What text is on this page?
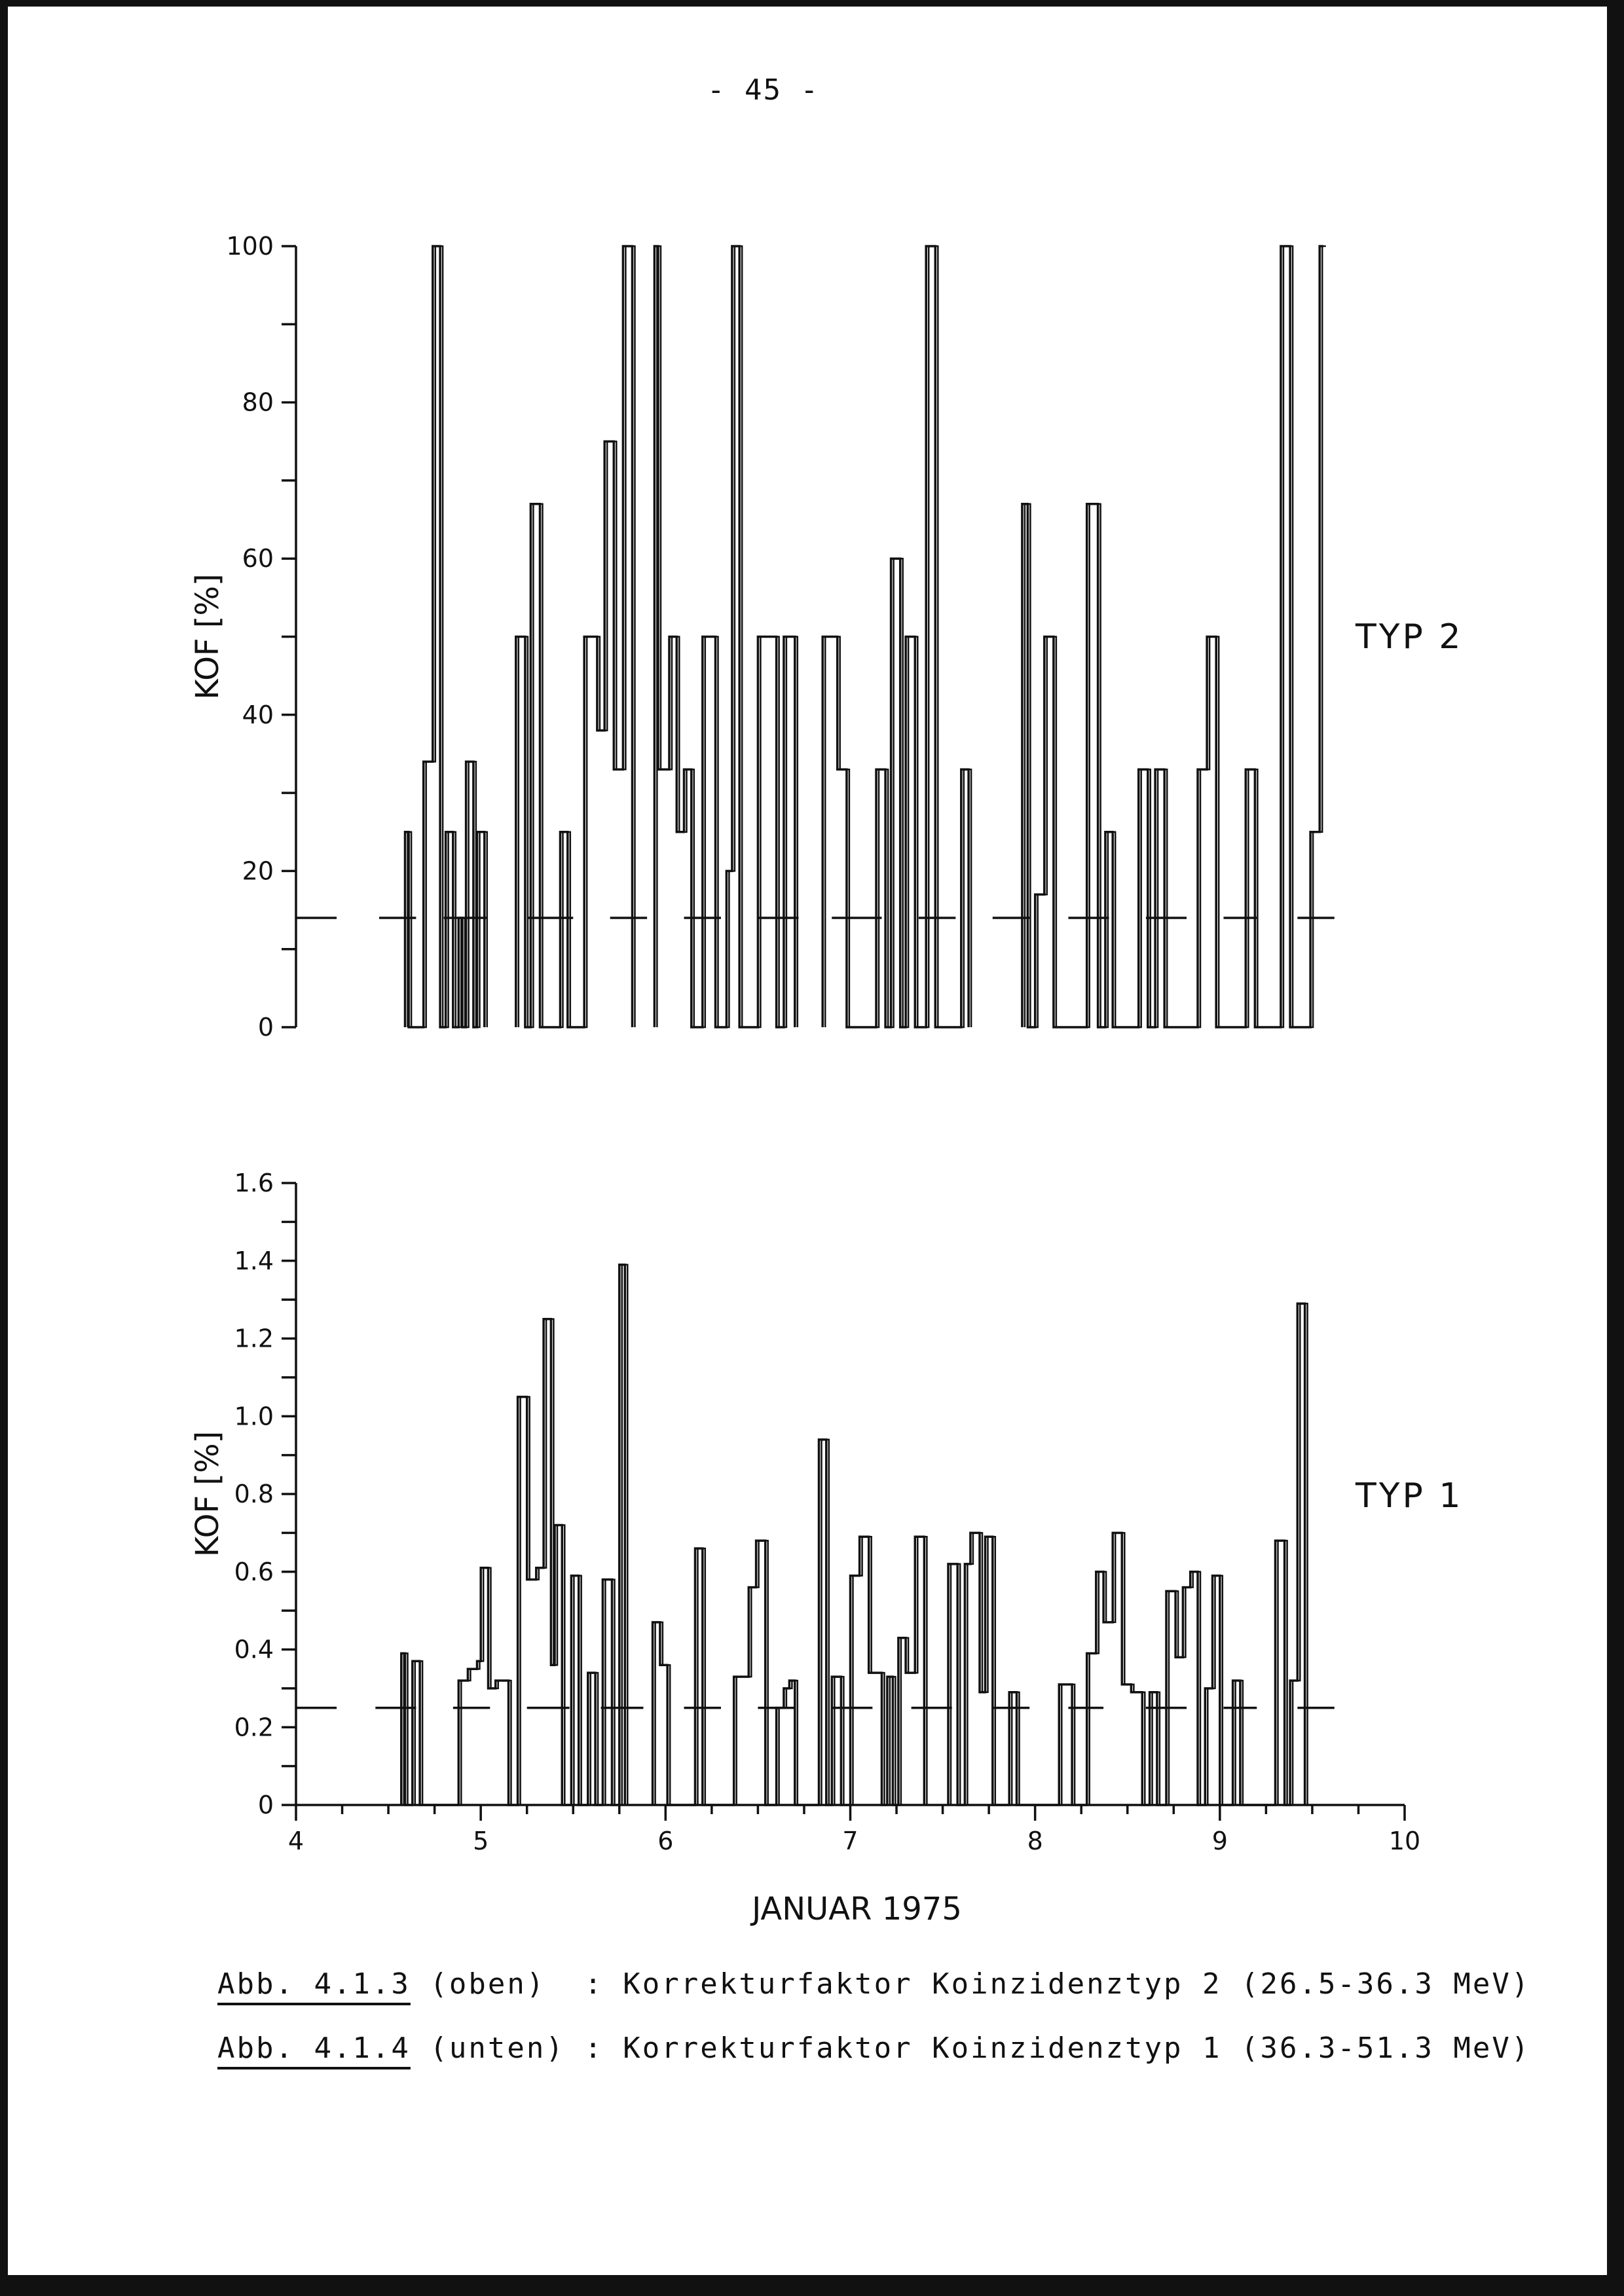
- 45 -
0
20
40
60
80
100
KOF [%]	TYP 2
0
0.2
0.4
0.6
0.8
1.0
1.2
1.4
1.6
KOF [%]	TYP 1
4	5	6	7	8	9	10
JANUAR 1975
Abb. 4.1.3 (oben)  : Korrekturfaktor Koinzidenztyp 2 (26.5-36.3 MeV)
Abb. 4.1.4 (unten) : Korrekturfaktor Koinzidenztyp 1 (36.3-51.3 MeV)
